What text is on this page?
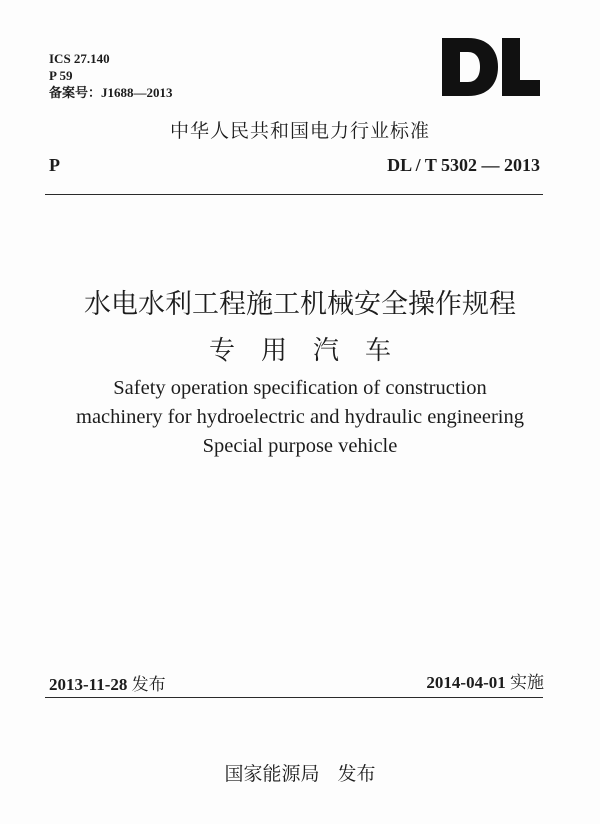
ICS 27.140
P 59
备案号：J1688—2013
中华人民共和国电力行业标准
P	DL / T 5302 — 2013
水电水利工程施工机械安全操作规程
专用汽车
Safety operation specification of construction
machinery for hydroelectric and hydraulic engineering
Special purpose vehicle
2013-11-28 发布	2014-04-01 实施
国家能源局   发布
